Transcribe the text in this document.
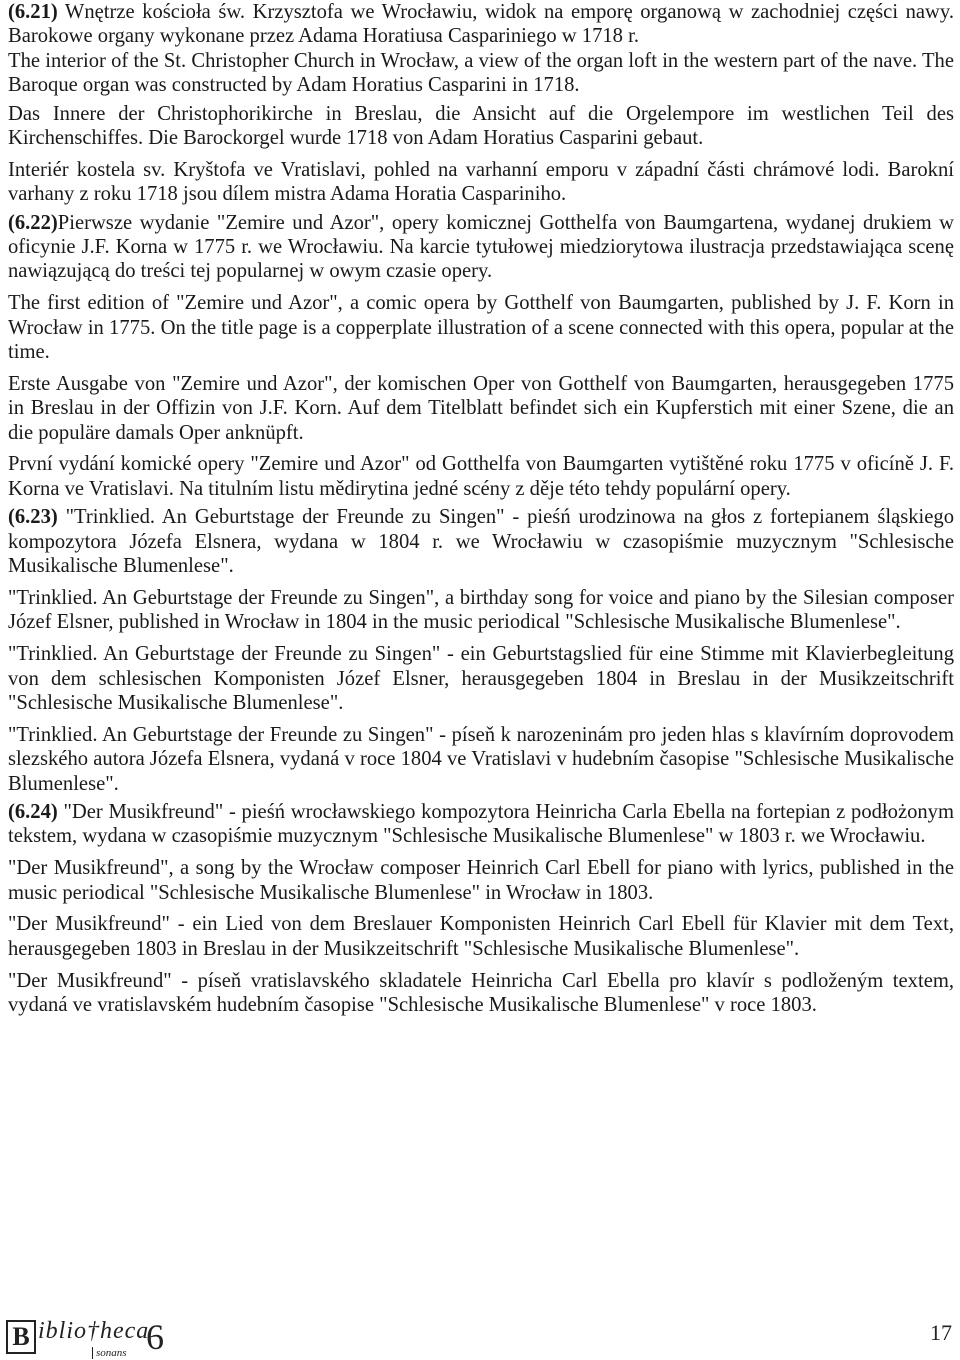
(6.21) Wnętrze kościoła św. Krzysztofa we Wrocławiu, widok na emporę organową w zachodniej części nawy. Barokowe organy wykonane przez Adama Horatiusa Caspariniego w 1718 r.

The interior of the St. Christopher Church in Wrocław, a view of the organ loft in the western part of the nave. The Baroque organ was constructed by Adam Horatius Casparini in 1718.

Das Innere der Christophorikirche in Breslau, die Ansicht auf die Orgelempore im westlichen Teil des Kirchenschiffes. Die Barockorgel wurde 1718 von Adam Horatius Casparini gebaut.

Interiér kostela sv. Kryštofa ve Vratislavi, pohled na varhanní emporu v západní části chrámové lodi. Barokní varhany z roku 1718 jsou dílem mistra Adama Horatia Caspariniho.

(6.22)Pierwsze wydanie "Zemire und Azor", opery komicznej Gotthelfa von Baumgartena, wydanej drukiem w oficynie J.F. Korna w 1775 r. we Wrocławiu. Na karcie tytułowej miedziorytowa ilustracja przedstawiająca scenę nawiązującą do treści tej popularnej w owym czasie opery.

The first edition of "Zemire und Azor", a comic opera by Gotthelf von Baumgarten, published by J. F. Korn in Wrocław in 1775. On the title page is a copperplate illustration of a scene connected with this opera, popular at the time.

Erste Ausgabe von "Zemire und Azor", der komischen Oper von Gotthelf von Baumgarten, herausgegeben 1775 in Breslau in der Offizin von J.F. Korn. Auf dem Titelblatt befindet sich ein Kupferstich mit einer Szene, die an die populäre damals Oper anknüpft.

První vydání komické opery "Zemire und Azor" od Gotthelfa von Baumgarten vytištěné roku 1775 v oficíně J. F. Korna ve Vratislavi. Na titulním listu mědirytina jedné scény z děje této tehdy populární opery.

(6.23) "Trinklied. An Geburtstage der Freunde zu Singen" - pieśń urodzinowa na głos z fortepianem śląskiego kompozytora Józefa Elsnera, wydana w 1804 r. we Wrocławiu w czasopiśmie muzycznym "Schlesische Musikalische Blumenlese".

"Trinklied. An Geburtstage der Freunde zu Singen", a birthday song for voice and piano by the Silesian composer Józef Elsner, published in Wrocław in 1804 in the music periodical "Schlesische Musikalische Blumenlese".

"Trinklied. An Geburtstage der Freunde zu Singen" - ein Geburtstagslied für eine Stimme mit Klavierbegleitung von dem schlesischen Komponisten Józef Elsner, herausgegeben 1804 in Breslau in der Musikzeitschrift "Schlesische Musikalische Blumenlese".

"Trinklied. An Geburtstage der Freunde zu Singen" - píseň k narozeninám pro jeden hlas s klavírním doprovodem slezského autora Józefa Elsnera, vydaná v roce 1804 ve Vratislavi v hudebním časopise "Schlesische Musikalische Blumenlese".

(6.24) "Der Musikfreund" - pieśń wrocławskiego kompozytora Heinricha Carla Ebella na fortepian z podłożonym tekstem, wydana w czasopiśmie muzycznym "Schlesische Musikalische Blumenlese" w 1803 r. we Wrocławiu.

"Der Musikfreund", a song by the Wrocław composer Heinrich Carl Ebell for piano with lyrics, published in the music periodical "Schlesische Musikalische Blumenlese" in Wrocław in 1803.

"Der Musikfreund" - ein Lied von dem Breslauer Komponisten Heinrich Carl Ebell für Klavier mit dem Text, herausgegeben 1803 in Breslau in der Musikzeitschrift "Schlesische Musikalische Blumenlese".

"Der Musikfreund" - píseň vratislavského skladatele Heinricha Carl Ebella pro klavír s podloženým textem, vydaná ve vratislavském hudebním časopise "Schlesische Musikalische Blumenlese" v roce 1803.

B iblio†heca
sonans 6	17
